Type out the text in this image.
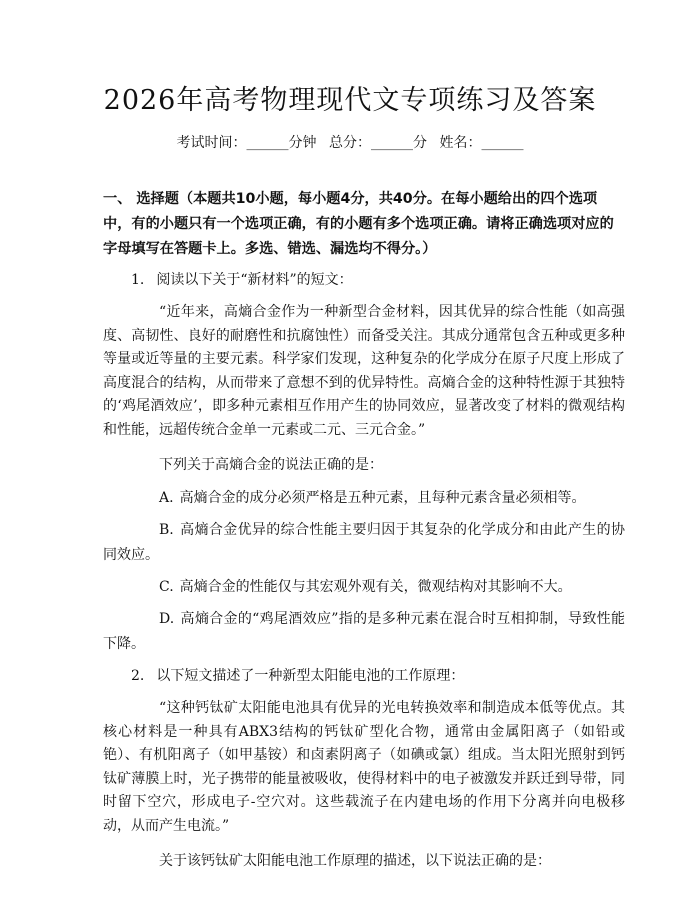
2026年高考物理现代文专项练习及答案
考试时间：______分钟 总分：______分 姓名：______

一、 选择题（本题共10小题，每小题4分，共40分。在每小题给出的四个选项中，有的小题只有一个选项正确，有的小题有多个选项正确。请将正确选项对应的字母填写在答题卡上。多选、错选、漏选均不得分。）

1. 阅读以下关于“新材料”的短文：

“近年来，高熵合金作为一种新型合金材料，因其优异的综合性能（如高强度、高韧性、良好的耐磨性和抗腐蚀性）而备受关注。其成分通常包含五种或更多种等量或近等量的主要元素。科学家们发现，这种复杂的化学成分在原子尺度上形成了高度混合的结构，从而带来了意想不到的优异特性。高熵合金的这种特性源于其独特的‘鸡尾酒效应’，即多种元素相互作用产生的协同效应，显著改变了材料的微观结构和性能，远超传统合金单一元素或二元、三元合金。”

下列关于高熵合金的说法正确的是：

A. 高熵合金的成分必须严格是五种元素，且每种元素含量必须相等。

B. 高熵合金优异的综合性能主要归因于其复杂的化学成分和由此产生的协同效应。

C. 高熵合金的性能仅与其宏观外观有关，微观结构对其影响不大。

D. 高熵合金的“鸡尾酒效应”指的是多种元素在混合时互相抑制，导致性能下降。

2. 以下短文描述了一种新型太阳能电池的工作原理：

“这种钙钛矿太阳能电池具有优异的光电转换效率和制造成本低等优点。其核心材料是一种具有ABX3结构的钙钛矿型化合物，通常由金属阳离子（如铅或铯）、有机阳离子（如甲基铵）和卤素阴离子（如碘或氯）组成。当太阳光照射到钙钛矿薄膜上时，光子携带的能量被吸收，使得材料中的电子被激发并跃迁到导带，同时留下空穴，形成电子-空穴对。这些载流子在内建电场的作用下分离并向电极移动，从而产生电流。”

关于该钙钛矿太阳能电池工作原理的描述，以下说法正确的是：
